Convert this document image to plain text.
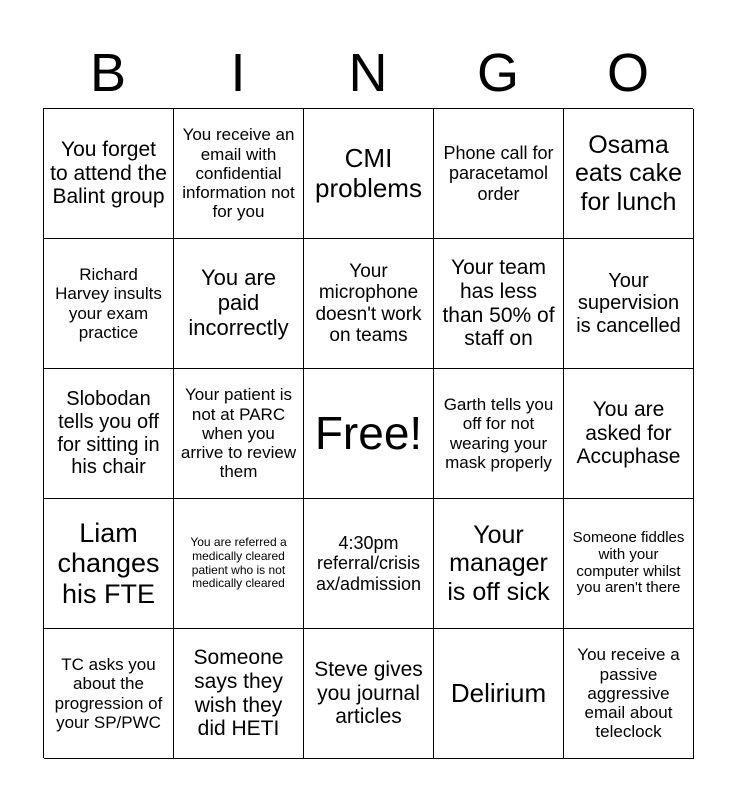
B	I	N	G	O
You forget to attend the Balint group
You receive an email with confidential information not for you
CMI problems
Phone call for paracetamol order
Osama eats cake for lunch
Richard Harvey insults your exam practice
You are paid incorrectly
Your microphone doesn't work on teams
Your team has less than 50% of staff on
Your supervision is cancelled
Slobodan tells you off for sitting in his chair
Your patient is not at PARC when you arrive to review them
Free!
Garth tells you off for not wearing your mask properly
You are asked for Accuphase
Liam changes his FTE
You are referred a medically cleared patient who is not medically cleared
4:30pm referral/crisis ax/admission
Your manager is off sick
Someone fiddles with your computer whilst you aren't there
TC asks you about the progression of your SP/PWC
Someone says they wish they did HETI
Steve gives you journal articles
Delirium
You receive a passive aggressive email about teleclock
